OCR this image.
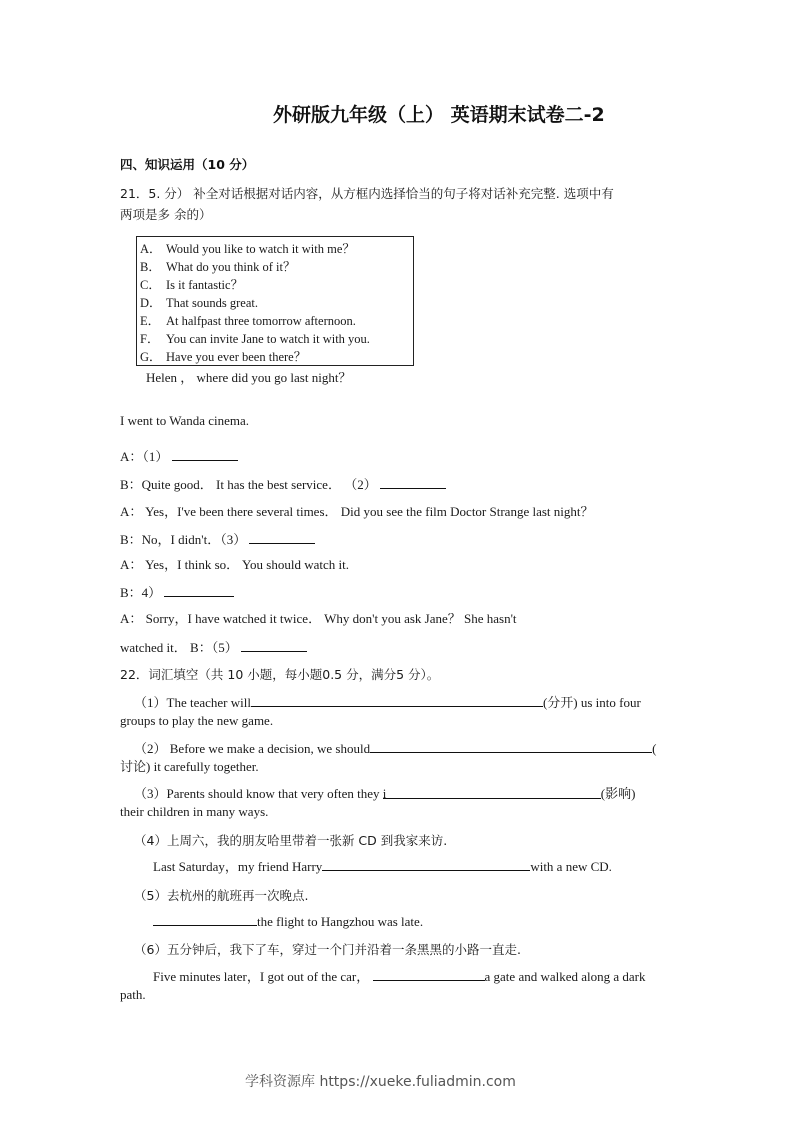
外研版九年级（上） 英语期末试卷二-2
四、知识运用（10 分）
21．5. 分） 补全对话根据对话内容，从方框内选择恰当的句子将对话补充完整. 选项中有
两项是多 余的）
A． Would you like to watch it with me？
B． What do you think of it？
C． Is it fantastic？
D． That sounds great.
E． At halfpast three tomorrow afternoon.
F． You can invite Jane to watch it with you.
G． Have you ever been there？
Helen ， where did you go last night？
I went to Wanda cinema.
A：（1）
B：Quite good． It has the best service． （2）
A： Yes，I've been there several times． Did you see the film Doctor Strange last night？
B：No，I didn't．（3）
A： Yes，I think so． You should watch it.
B：4）
A： Sorry，I have watched it twice． Why don't you ask Jane？ She hasn't
watched it． B：（5）
22．词汇填空（共 10 小题，每小题0.5 分，满分5 分）。
（1）The teacher will	(分开) us into four
groups to play the new game.
（2） Before we make a decision, we should	(
讨论) it carefully together.
（3）Parents should know that very often they i	(影响)
their children in many ways.
（4）上周六，我的朋友哈里带着一张新 CD 到我家来访.
Last Saturday，my friend Harry	with a new CD.
（5）去杭州的航班再一次晚点.
the flight to Hangzhou was late.
（6）五分钟后，我下了车，穿过一个门并沿着一条黑黑的小路一直走.
Five minutes later，I got out of the car，	a gate and walked along a dark
path.
学科资源库 https://xueke.fuliadmin.com
